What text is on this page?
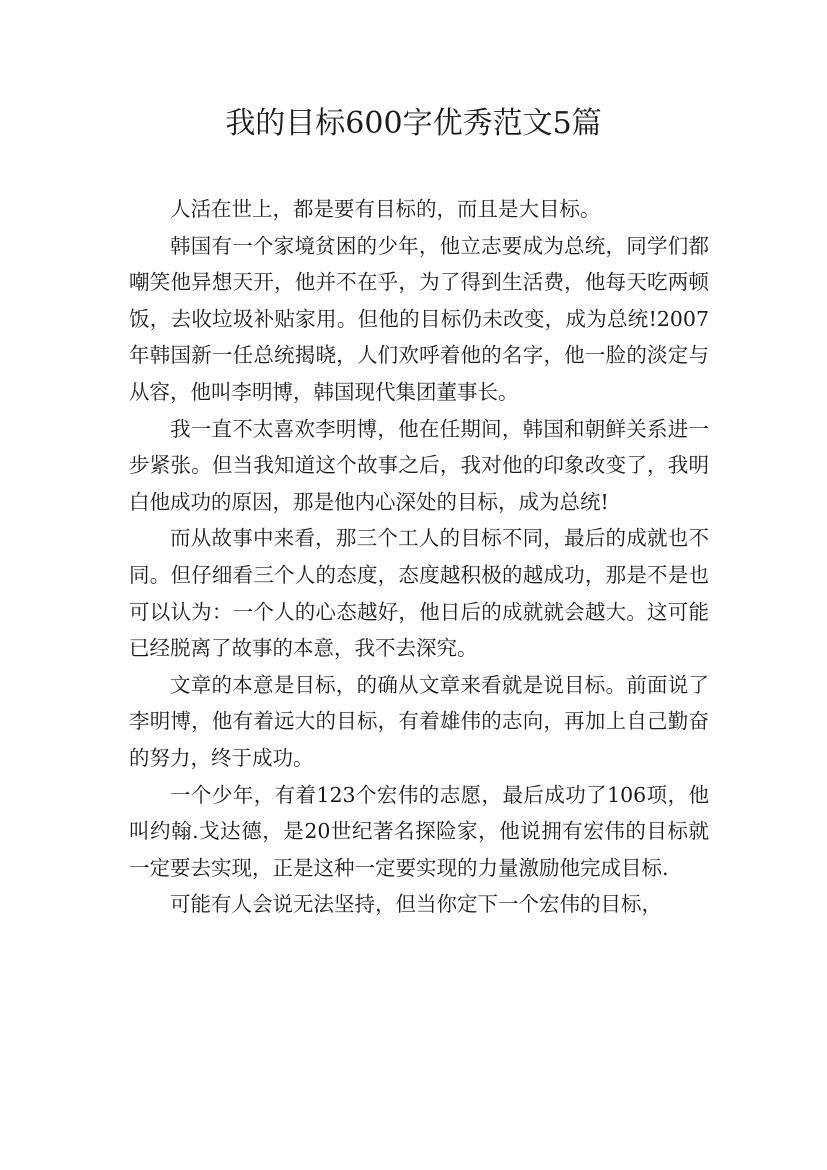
我的目标600字优秀范文5篇

人活在世上，都是要有目标的，而且是大目标。

韩国有一个家境贫困的少年，他立志要成为总统，同学们都嘲笑他异想天开，他并不在乎，为了得到生活费，他每天吃两顿饭，去收垃圾补贴家用。但他的目标仍未改变，成为总统!2007年韩国新一任总统揭晓，人们欢呼着他的名字，他一脸的淡定与从容，他叫李明博，韩国现代集团董事长。

我一直不太喜欢李明博，他在任期间，韩国和朝鲜关系进一步紧张。但当我知道这个故事之后，我对他的印象改变了，我明白他成功的原因，那是他内心深处的目标，成为总统!

而从故事中来看，那三个工人的目标不同，最后的成就也不同。但仔细看三个人的态度，态度越积极的越成功，那是不是也可以认为：一个人的心态越好，他日后的成就就会越大。这可能已经脱离了故事的本意，我不去深究。

文章的本意是目标，的确从文章来看就是说目标。前面说了李明博，他有着远大的目标，有着雄伟的志向，再加上自己勤奋的努力，终于成功。

一个少年，有着123个宏伟的志愿，最后成功了106项，他叫约翰.戈达德，是20世纪著名探险家，他说拥有宏伟的目标就一定要去实现，正是这种一定要实现的力量激励他完成目标.

可能有人会说无法坚持，但当你定下一个宏伟的目标，
